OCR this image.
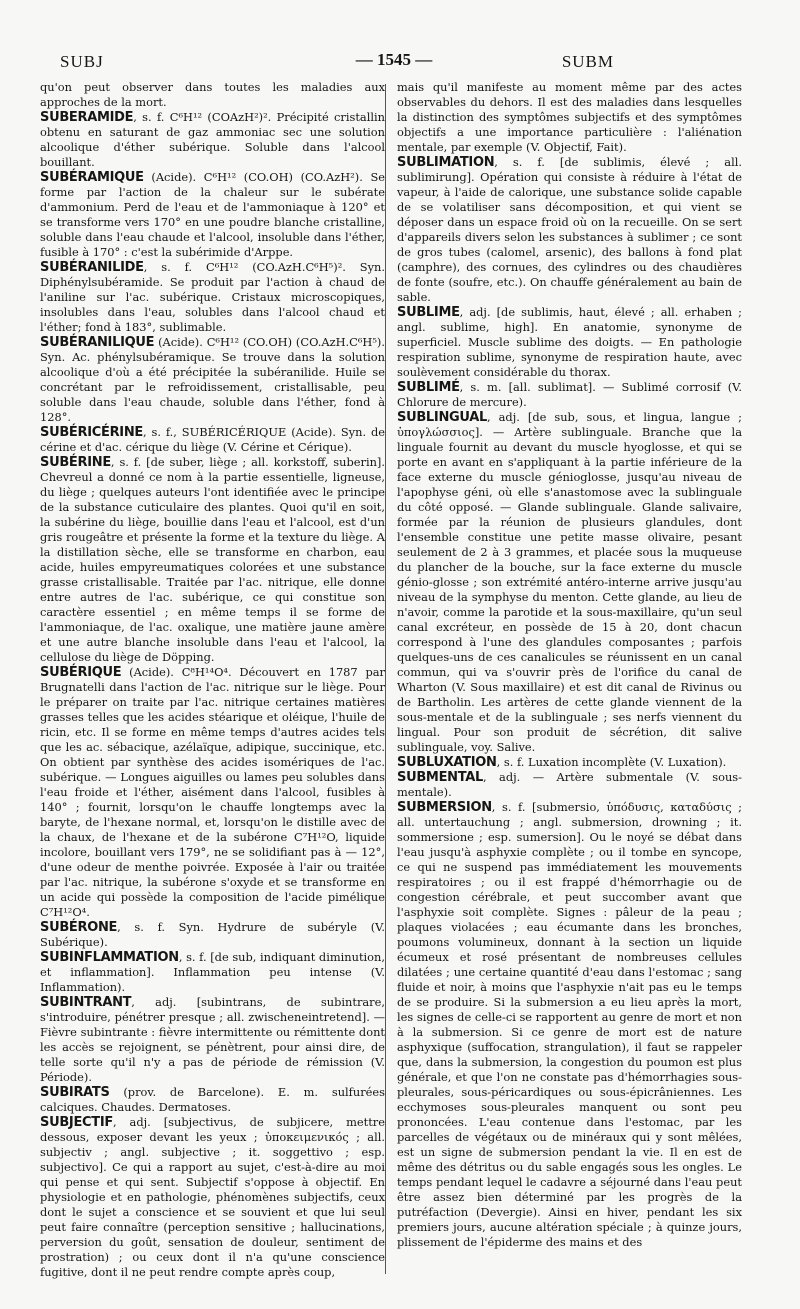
SUBJ	— 1545 —	SUBM

qu'on peut observer dans toutes les maladies aux approches de la mort.

SUBERAMIDE, s. f. C⁶H¹² (COAzH²)². Précipité cristallin obtenu en saturant de gaz ammoniac sec une solution alcoolique d'éther subérique. Soluble dans l'alcool bouillant.

SUBÉRAMIQUE (Acide). C⁶H¹² (CO.OH) (CO.AzH²). Se forme par l'action de la chaleur sur le subérate d'ammonium. Perd de l'eau et de l'ammoniaque à 120° et se transforme vers 170° en une poudre blanche cristalline, soluble dans l'eau chaude et l'alcool, insoluble dans l'éther, fusible à 170° : c'est la subérimide d'Arppe.

SUBÉRANILIDE, s. f. C⁶H¹² (CO.AzH.C⁶H⁵)². Syn. Diphénylsubéramide. Se produit par l'action à chaud de l'aniline sur l'ac. subérique. Cristaux microscopiques, insolubles dans l'eau, solubles dans l'alcool chaud et l'éther; fond à 183°, sublimable.

SUBÉRANILIQUE (Acide). C⁶H¹² (CO.OH) (CO.AzH.C⁶H⁵). Syn. Ac. phénylsubéramique. Se trouve dans la solution alcoolique d'où a été précipitée la subéranilide. Huile se concrétant par le refroidissement, cristallisable, peu soluble dans l'eau chaude, soluble dans l'éther, fond à 128°.

SUBÉRICÉRINE, s. f., SUBÉRICÉRIQUE (Acide). Syn. de cérine et d'ac. cérique du liège (V. Cérine et Cérique).

SUBÉRINE, s. f. [de suber, liège ; all. korkstoff, suberin]. Chevreul a donné ce nom à la partie essentielle, ligneuse, du liège ; quelques auteurs l'ont identifiée avec le principe de la substance cuticulaire des plantes. Quoi qu'il en soit, la subérine du liège, bouillie dans l'eau et l'alcool, est d'un gris rougeâtre et présente la forme et la texture du liège. A la distillation sèche, elle se transforme en charbon, eau acide, huiles empyreumatiques colorées et une substance grasse cristallisable. Traitée par l'ac. nitrique, elle donne entre autres de l'ac. subérique, ce qui constitue son caractère essentiel ; en même temps il se forme de l'ammoniaque, de l'ac. oxalique, une matière jaune amère et une autre blanche insoluble dans l'eau et l'alcool, la cellulose du liège de Döpping.

SUBÉRIQUE (Acide). C⁸H¹⁴O⁴. Découvert en 1787 par Brugnatelli dans l'action de l'ac. nitrique sur le liège. Pour le préparer on traite par l'ac. nitrique certaines matières grasses telles que les acides stéarique et oléique, l'huile de ricin, etc. Il se forme en même temps d'autres acides tels que les ac. sébacique, azélaïque, adipique, succinique, etc. On obtient par synthèse des acides isomériques de l'ac. subérique. — Longues aiguilles ou lames peu solubles dans l'eau froide et l'éther, aisément dans l'alcool, fusibles à 140° ; fournit, lorsqu'on le chauffe longtemps avec la baryte, de l'hexane normal, et, lorsqu'on le distille avec de la chaux, de l'hexane et de la subérone C⁷H¹²O, liquide incolore, bouillant vers 179°, ne se solidifiant pas à — 12°, d'une odeur de menthe poivrée. Exposée à l'air ou traitée par l'ac. nitrique, la subérone s'oxyde et se transforme en un acide qui possède la composition de l'acide pimélique C⁷H¹²O⁴.

SUBÉRONE, s. f. Syn. Hydrure de subéryle (V. Subérique).

SUBINFLAMMATION, s. f. [de sub, indiquant diminution, et inflammation]. Inflammation peu intense (V. Inflammation).

SUBINTRANT, adj. [subintrans, de subintrare, s'introduire, pénétrer presque ; all. zwischeneintretend]. — Fièvre subintrante : fièvre intermittente ou rémittente dont les accès se rejoignent, se pénètrent, pour ainsi dire, de telle sorte qu'il n'y a pas de période de rémission (V. Période).

SUBIRATS (prov. de Barcelone). E. m. sulfurées calciques. Chaudes. Dermatoses.

SUBJECTIF, adj. [subjectivus, de subjicere, mettre dessous, exposer devant les yeux ; ὑποκειμενικός ; all. subjectiv ; angl. subjective ; it. soggettivo ; esp. subjectivo]. Ce qui a rapport au sujet, c'est-à-dire au moi qui pense et qui sent. Subjectif s'oppose à objectif. En physiologie et en pathologie, phénomènes subjectifs, ceux dont le sujet a conscience et se souvient et que lui seul peut faire connaître (perception sensitive ; hallucinations, perversion du goût, sensation de douleur, sentiment de prostration) ; ou ceux dont il n'a qu'une conscience fugitive, dont il ne peut rendre compte après coup,

mais qu'il manifeste au moment même par des actes observables du dehors. Il est des maladies dans lesquelles la distinction des symptômes subjectifs et des symptômes objectifs a une importance particulière : l'aliénation mentale, par exemple (V. Objectif, Fait).

SUBLIMATION, s. f. [de sublimis, élevé ; all. sublimirung]. Opération qui consiste à réduire à l'état de vapeur, à l'aide de calorique, une substance solide capable de se volatiliser sans décomposition, et qui vient se déposer dans un espace froid où on la recueille. On se sert d'appareils divers selon les substances à sublimer ; ce sont de gros tubes (calomel, arsenic), des ballons à fond plat (camphre), des cornues, des cylindres ou des chaudières de fonte (soufre, etc.). On chauffe généralement au bain de sable.

SUBLIME, adj. [de sublimis, haut, élevé ; all. erhaben ; angl. sublime, high]. En anatomie, synonyme de superficiel. Muscle sublime des doigts. — En pathologie respiration sublime, synonyme de respiration haute, avec soulèvement considérable du thorax.

SUBLIMÉ, s. m. [all. sublimat]. — Sublimé corrosif (V. Chlorure de mercure).

SUBLINGUAL, adj. [de sub, sous, et lingua, langue ; ὑπογλώσσιος]. — Artère sublinguale. Branche que la linguale fournit au devant du muscle hyoglosse, et qui se porte en avant en s'appliquant à la partie inférieure de la face externe du muscle génioglosse, jusqu'au niveau de l'apophyse géni, où elle s'anastomose avec la sublinguale du côté opposé. — Glande sublinguale. Glande salivaire, formée par la réunion de plusieurs glandules, dont l'ensemble constitue une petite masse olivaire, pesant seulement de 2 à 3 grammes, et placée sous la muqueuse du plancher de la bouche, sur la face externe du muscle génio-glosse ; son extrémité antéro-interne arrive jusqu'au niveau de la symphyse du menton. Cette glande, au lieu de n'avoir, comme la parotide et la sous-maxillaire, qu'un seul canal excréteur, en possède de 15 à 20, dont chacun correspond à l'une des glandules composantes ; parfois quelques-uns de ces canalicules se réunissent en un canal commun, qui va s'ouvrir près de l'orifice du canal de Wharton (V. Sous maxillaire) et est dit canal de Rivinus ou de Bartholin. Les artères de cette glande viennent de la sous-mentale et de la sublinguale ; ses nerfs viennent du lingual. Pour son produit de sécrétion, dit salive sublinguale, voy. Salive.

SUBLUXATION, s. f. Luxation incomplète (V. Luxation).

SUBMENTAL, adj. — Artère submentale (V. sous-mentale).

SUBMERSION, s. f. [submersio, ὑπόδυσις, καταδύσις ; all. untertauchung ; angl. submersion, drowning ; it. sommersione ; esp. sumersion]. Ou le noyé se débat dans l'eau jusqu'à asphyxie complète ; ou il tombe en syncope, ce qui ne suspend pas immédiatement les mouvements respiratoires ; ou il est frappé d'hémorrhagie ou de congestion cérébrale, et peut succomber avant que l'asphyxie soit complète. Signes : pâleur de la peau ; plaques violacées ; eau écumante dans les bronches, poumons volumineux, donnant à la section un liquide écumeux et rosé présentant de nombreuses cellules dilatées ; une certaine quantité d'eau dans l'estomac ; sang fluide et noir, à moins que l'asphyxie n'ait pas eu le temps de se produire. Si la submersion a eu lieu après la mort, les signes de celle-ci se rapportent au genre de mort et non à la submersion. Si ce genre de mort est de nature asphyxique (suffocation, strangulation), il faut se rappeler que, dans la submersion, la congestion du poumon est plus générale, et que l'on ne constate pas d'hémorrhagies sous-pleurales, sous-péricardiques ou sous-épicrâniennes. Les ecchymoses sous-pleurales manquent ou sont peu prononcées. L'eau contenue dans l'estomac, par les parcelles de végétaux ou de minéraux qui y sont mêlées, est un signe de submersion pendant la vie. Il en est de même des détritus ou du sable engagés sous les ongles. Le temps pendant lequel le cadavre a séjourné dans l'eau peut être assez bien déterminé par les progrès de la putréfaction (Devergie). Ainsi en hiver, pendant les six premiers jours, aucune altération spéciale ; à quinze jours, plissement de l'épiderme des mains et des
